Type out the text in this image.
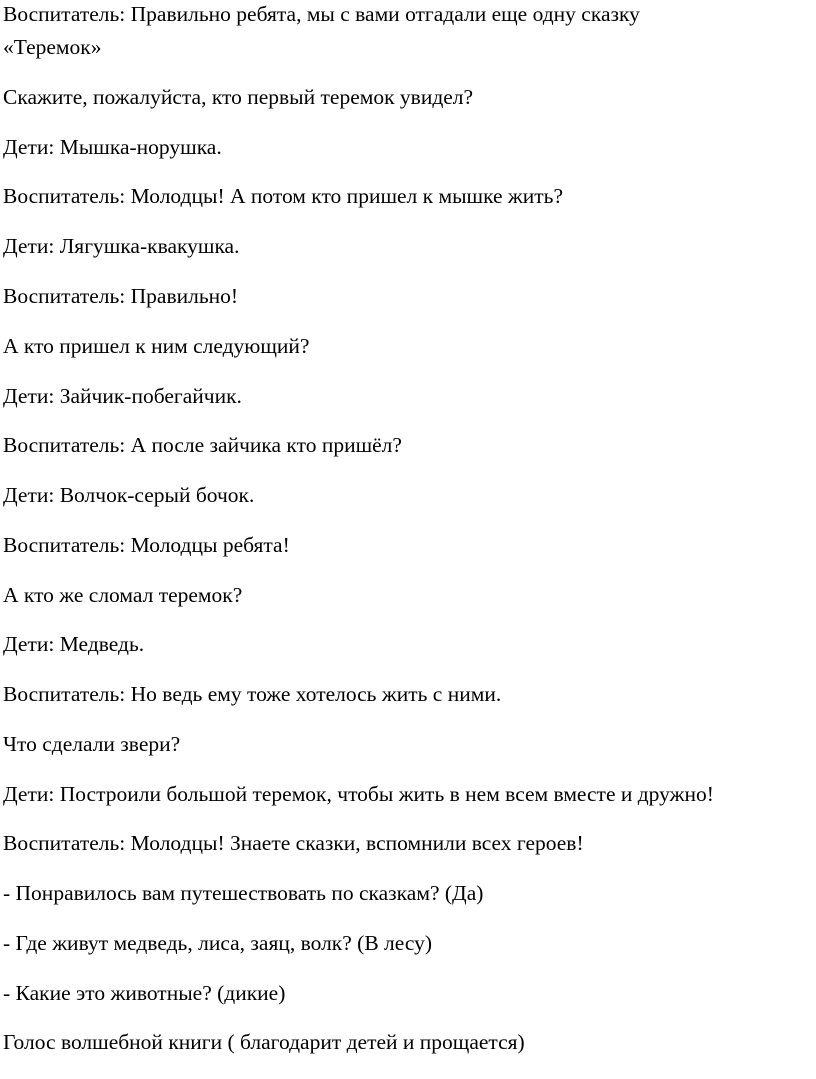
Воспитатель: Правильно ребята, мы с вами отгадали еще одну сказку

«Теремок»

Скажите, пожалуйста, кто первый теремок увидел?

Дети: Мышка-норушка.

Воспитатель: Молодцы! А потом кто пришел к мышке жить?

Дети: Лягушка-квакушка.

Воспитатель: Правильно!

А кто пришел к ним следующий?

Дети: Зайчик-побегайчик.

Воспитатель: А после зайчика кто пришёл?

Дети: Волчок-серый бочок.

Воспитатель: Молодцы ребята!

А кто же сломал теремок?

Дети: Медведь.

Воспитатель: Но ведь ему тоже хотелось жить с ними.

Что сделали звери?

Дети: Построили большой теремок, чтобы жить в нем всем вместе и дружно!

Воспитатель: Молодцы! Знаете сказки, вспомнили всех героев!

- Понравилось вам путешествовать по сказкам? (Да)

- Где живут медведь, лиса, заяц, волк? (В лесу)

- Какие это животные? (дикие)

Голос волшебной книги ( благодарит детей и прощается)
